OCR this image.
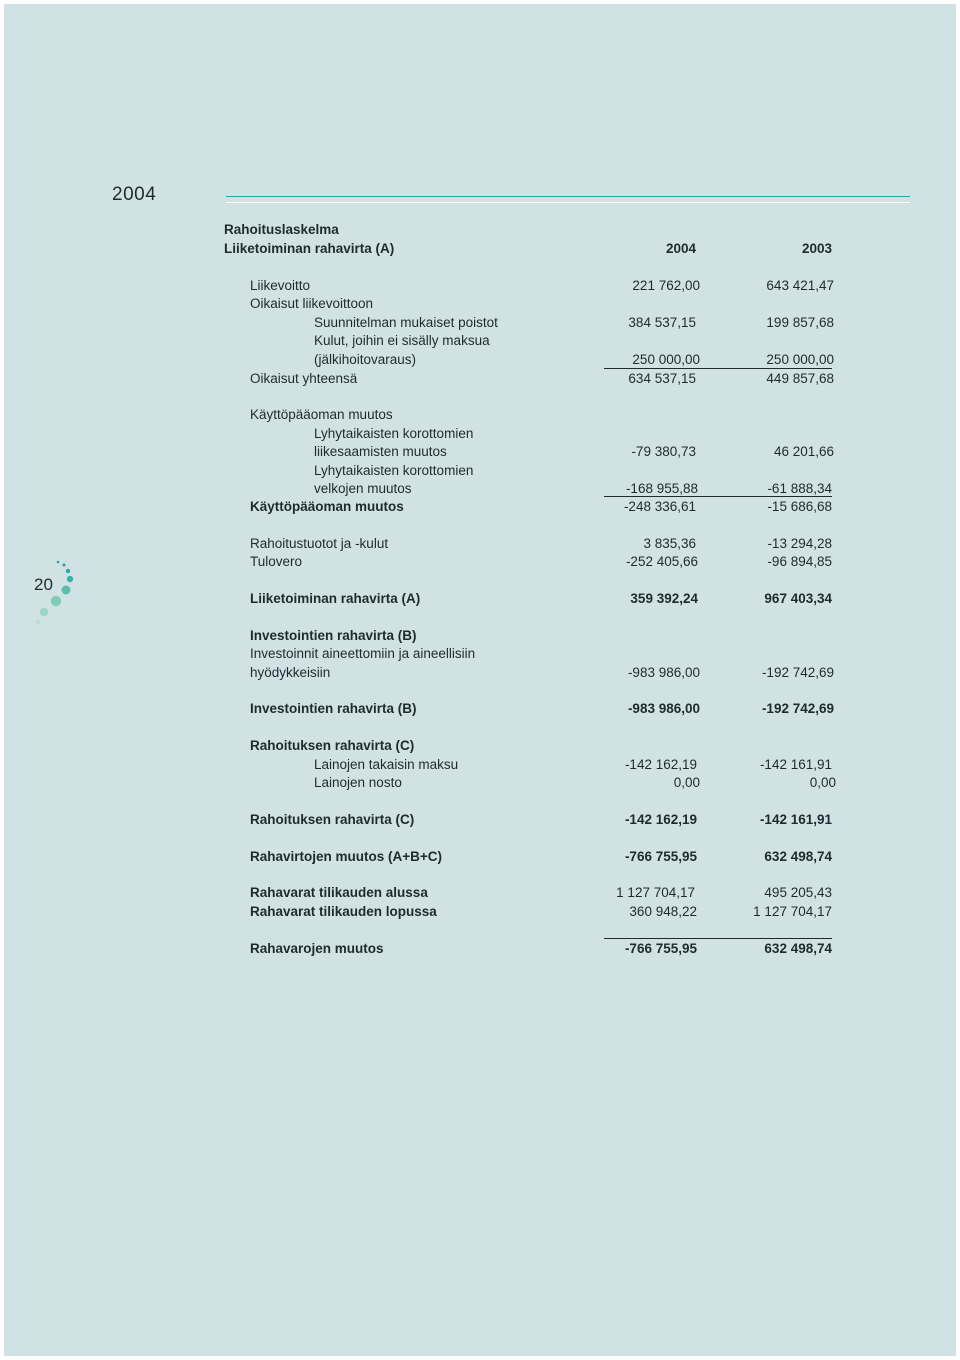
2004
20
Rahoituslaskelma
Liiketoiminan rahavirta (A)	2004	2003
Liikevoitto	221 762,00	643 421,47
Oikaisut liikevoittoon
Suunnitelman mukaiset poistot	384 537,15	199 857,68
Kulut, joihin ei sisälly maksua
(jälkihoitovaraus)	250 000,00	250 000,00
Oikaisut yhteensä	634 537,15	449 857,68
Käyttöpääoman muutos
Lyhytaikaisten korottomien
liikesaamisten muutos	-79 380,73	46 201,66
Lyhytaikaisten korottomien
velkojen muutos	-168 955,88	-61 888,34
Käyttöpääoman muutos	-248 336,61	-15 686,68
Rahoitustuotot ja -kulut	3 835,36	-13 294,28
Tulovero	-252 405,66	-96 894,85
Liiketoiminan rahavirta (A)	359 392,24	967 403,34
Investointien rahavirta (B)
Investoinnit aineettomiin ja aineellisiin
hyödykkeisiin	-983 986,00	-192 742,69
Investointien rahavirta (B)	-983 986,00	-192 742,69
Rahoituksen rahavirta (C)
Lainojen takaisin maksu	-142 162,19	-142 161,91
Lainojen nosto	0,00	0,00
Rahoituksen rahavirta (C)	-142 162,19	-142 161,91
Rahavirtojen muutos (A+B+C)	-766 755,95	632 498,74
Rahavarat tilikauden alussa	1 127 704,17	495 205,43
Rahavarat tilikauden lopussa	360 948,22	1 127 704,17
Rahavarojen muutos	-766 755,95	632 498,74
